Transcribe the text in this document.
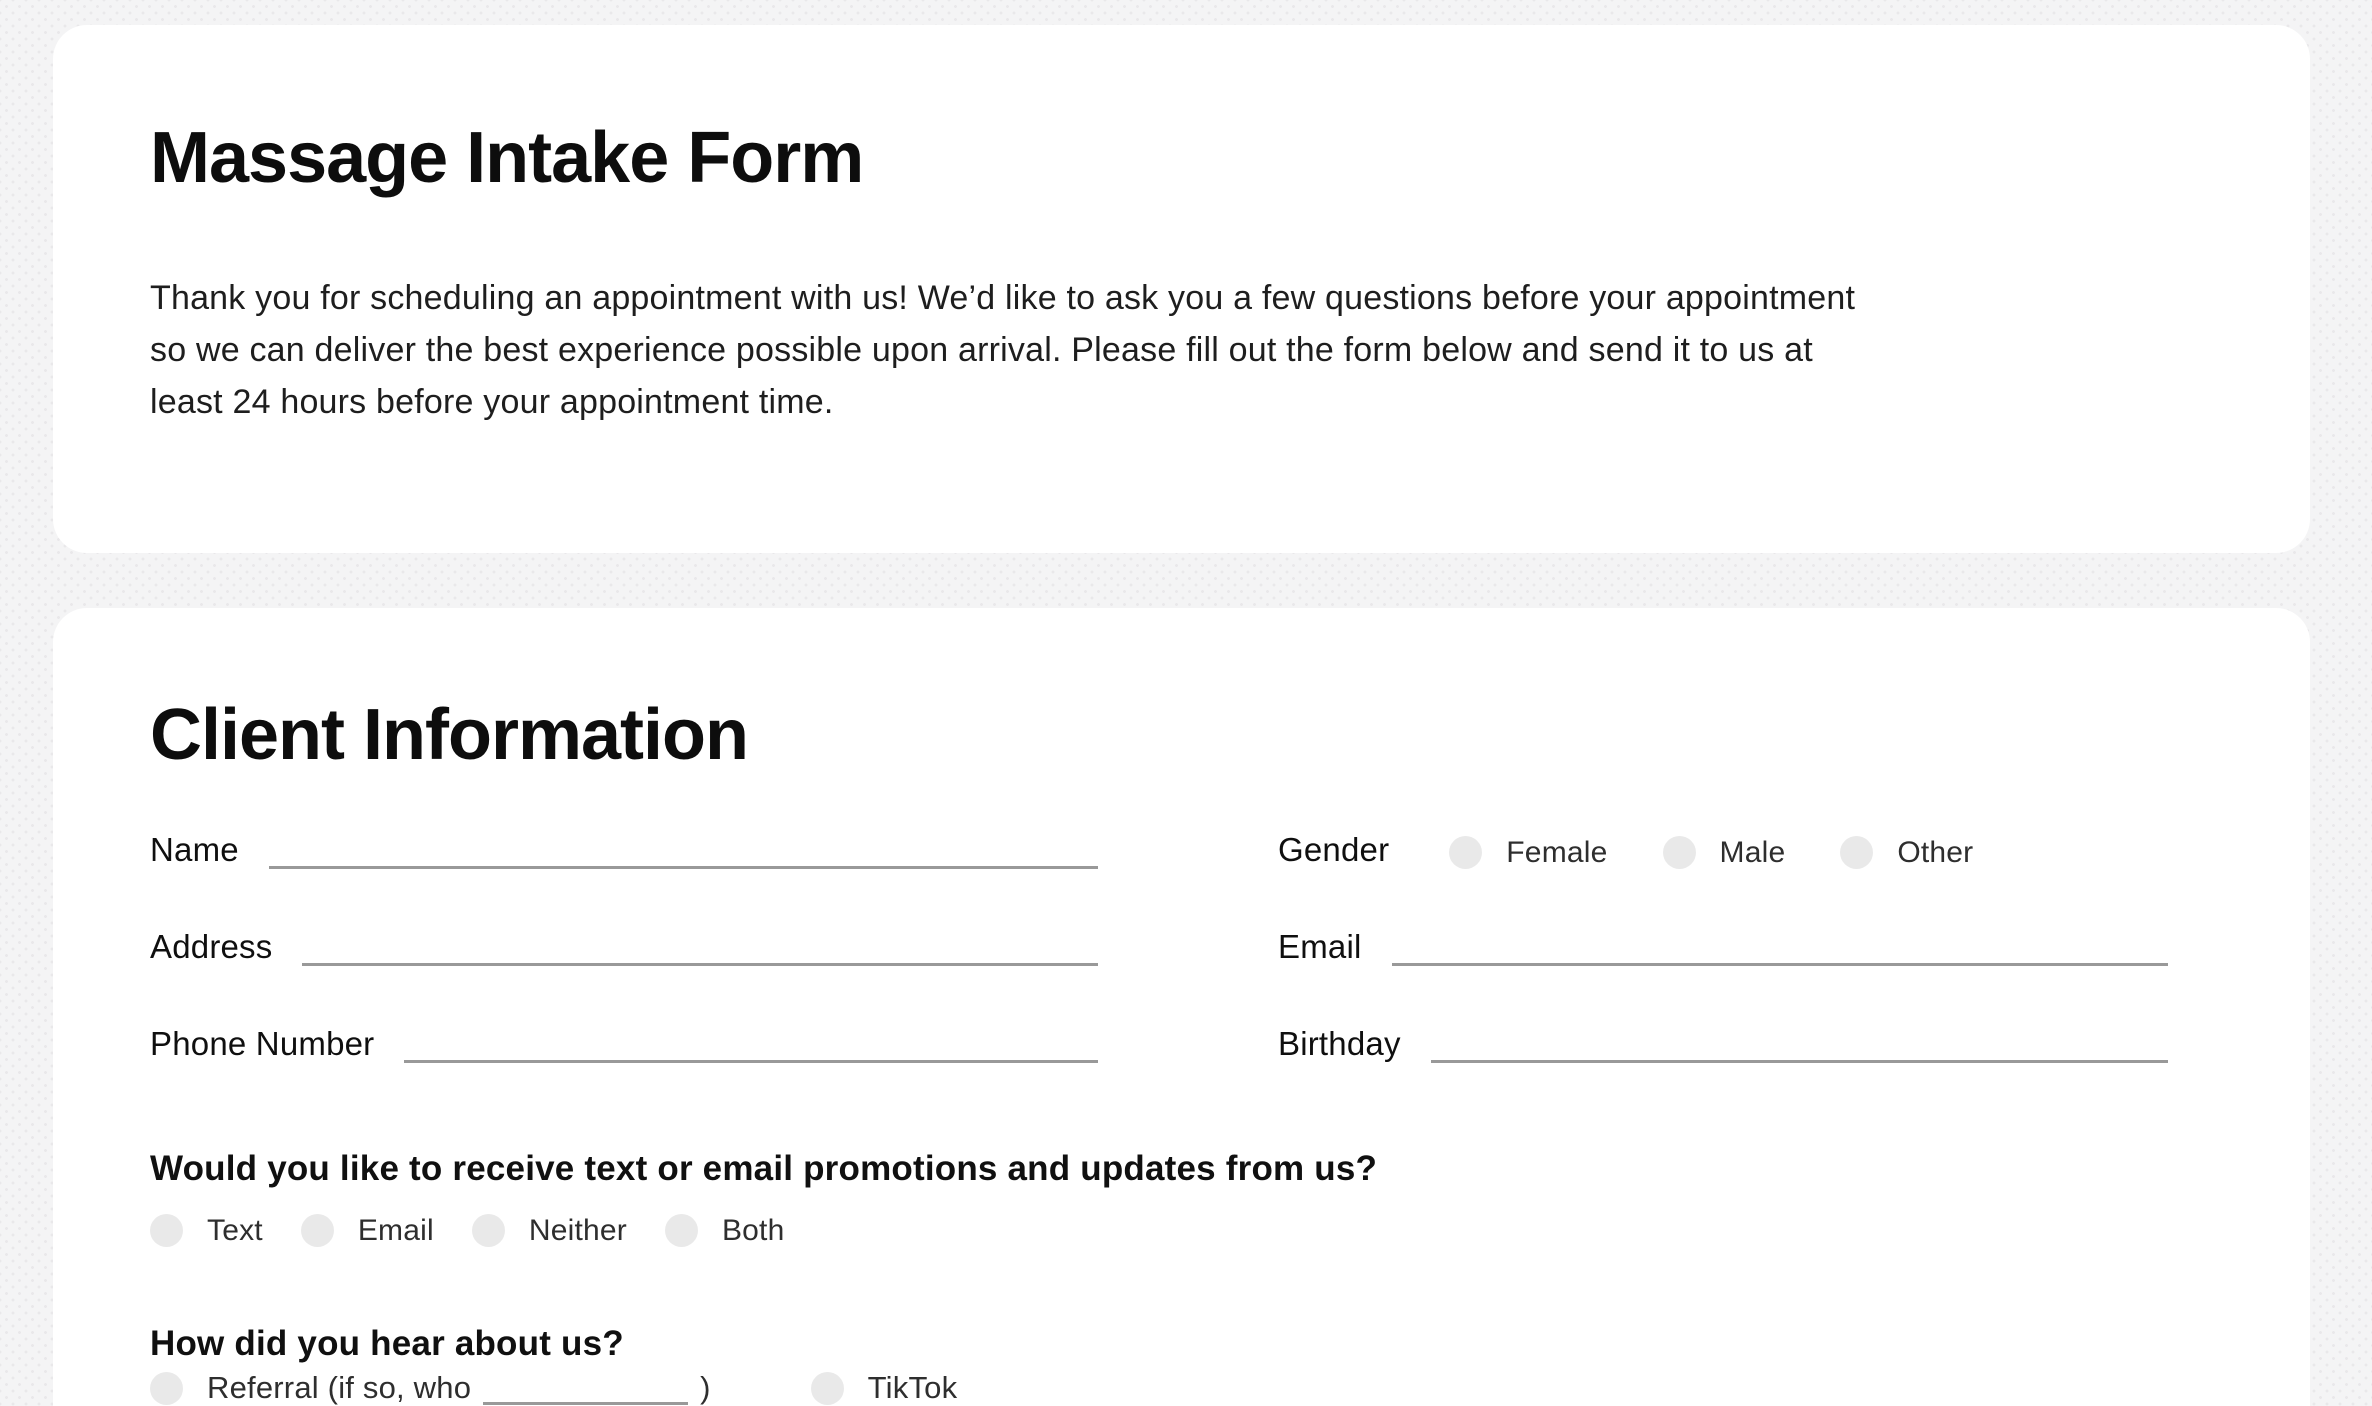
Massage Intake Form
Thank you for scheduling an appointment with us! We’d like to ask you a few questions before your appointment
so we can deliver the best experience possible upon arrival. Please fill out the form below and send it to us at
least 24 hours before your appointment time.
Client Information
Name	Gender	Female	Male	Other
Address	Email
Phone Number	Birthday
Would you like to receive text or email promotions and updates from us?
Text	Email	Neither	Both
How did you hear about us?
Referral (if so, who	)	TikTok
